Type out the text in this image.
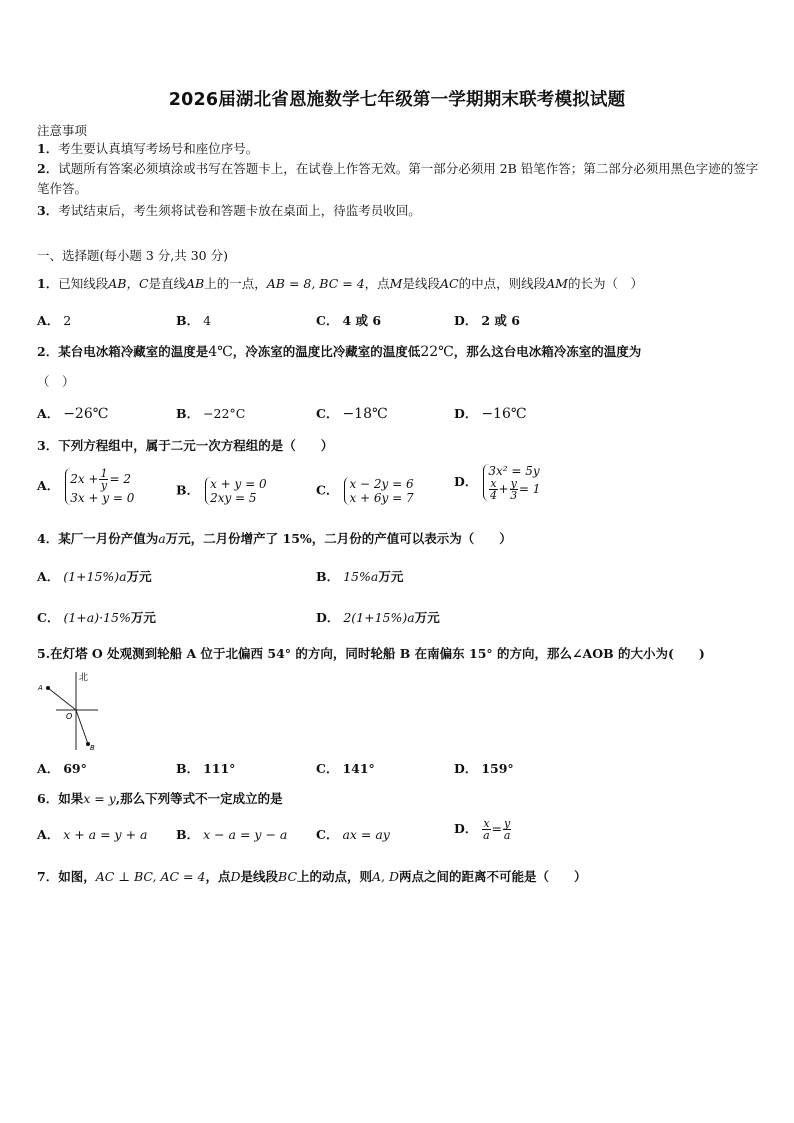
2026届湖北省恩施数学七年级第一学期期末联考模拟试题
注意事项
1．考生要认真填写考场号和座位序号。
2．试题所有答案必须填涂或书写在答题卡上，在试卷上作答无效。第一部分必须用 2B 铅笔作答；第二部分必须用黑色字迹的签字笔作答。
3．考试结束后，考生须将试卷和答题卡放在桌面上，待监考员收回。
一、选择题(每小题 3 分,共 30 分)
1．已知线段AB，C是直线AB上的一点，AB = 8, BC = 4，点M是线段AC的中点，则线段AM的长为（　）
A． 2	B． 4	C． 4 或 6	D． 2 或 6
2．某台电冰箱冷藏室的温度是4℃，冷冻室的温度比冷藏室的温度低22℃，那么这台电冰箱冷冻室的温度为
（　）
A． −26℃	B． −22°C	C． −18℃	D． −16℃
3．下列方程组中，属于二元一次方程组的是（　　）
A． $2x + \frac{1}{y} = 2$
3x + y = 0
B． x + y = 0
2xy = 5
C． x − 2y = 6
x + 6y = 7
D．
3x² = 5y
$\frac{x}{4} + \frac{y}{3} = 1$
4．某厂一月份产值为a万元，二月份增产了 15%，二月份的产值可以表示为（　　）
A． (1+15%)a万元	B． 15%a万元
C． (1+a)·15%万元	D． 2(1+15%)a万元
5.在灯塔 O 处观测到轮船 A 位于北偏西 54° 的方向，同时轮船 B 在南偏东 15° 的方向，那么∠AOB 的大小为(　　)
北
A
O
B
A． 69°	B． 111°	C． 141°	D． 159°
6．如果x = y,那么下列等式不一定成立的是
A． x + a = y + a B． x − a = y − a C． ax = ay	D． $\frac{x}{a} = \frac{y}{a}$
7．如图，AC ⊥ BC, AC = 4，点D是线段BC上的动点，则A, D两点之间的距离不可能是（　　）
